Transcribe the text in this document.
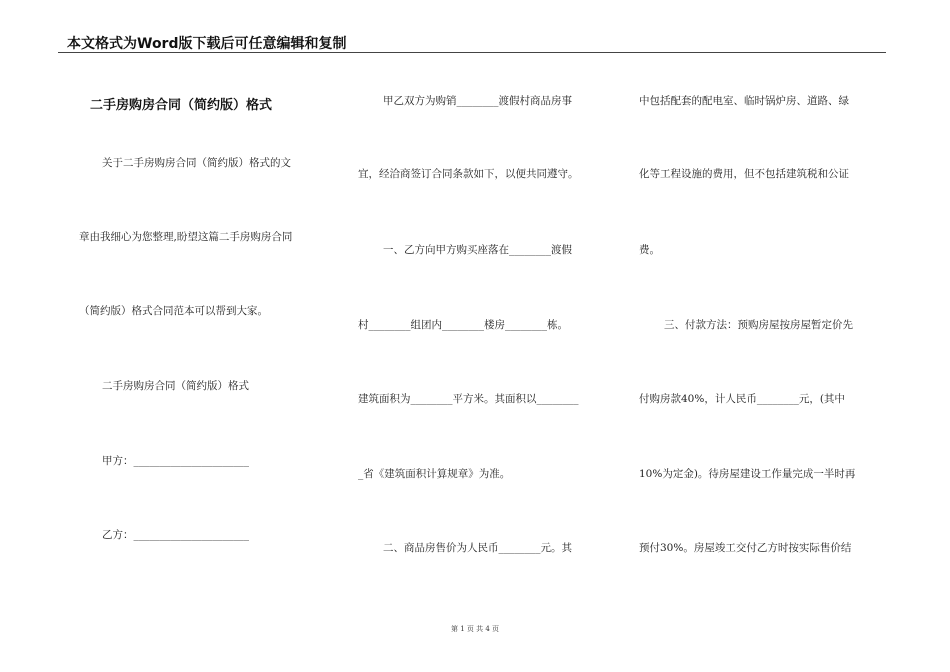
本文格式为Word版下载后可任意编辑和复制
二手房购房合同（简约版）格式
关于二手房购房合同（简约版）格式的文
章由我细心为您整理,盼望这篇二手房购房合同
（简约版）格式合同范本可以帮到大家。
二手房购房合同（简约版）格式
甲方：______________________
乙方：______________________
甲乙双方为购销________渡假村商品房事
宜，经洽商签订合同条款如下，以便共同遵守。
一、乙方向甲方购买座落在________渡假
村________组团内________楼房________栋。
建筑面积为________平方米。其面积以________
_省《建筑面积计算规章》为准。
二、商品房售价为人民币________元。其
中包括配套的配电室、临时锅炉房、道路、绿
化等工程设施的费用，但不包括建筑税和公证
费。
三、付款方法：预购房屋按房屋暂定价先
付购房款40%，计人民币________元，(其中
10%为定金)。待房屋建设工作量完成一半时再
预付30%。房屋竣工交付乙方时按实际售价结
第 1 页 共 4 页
